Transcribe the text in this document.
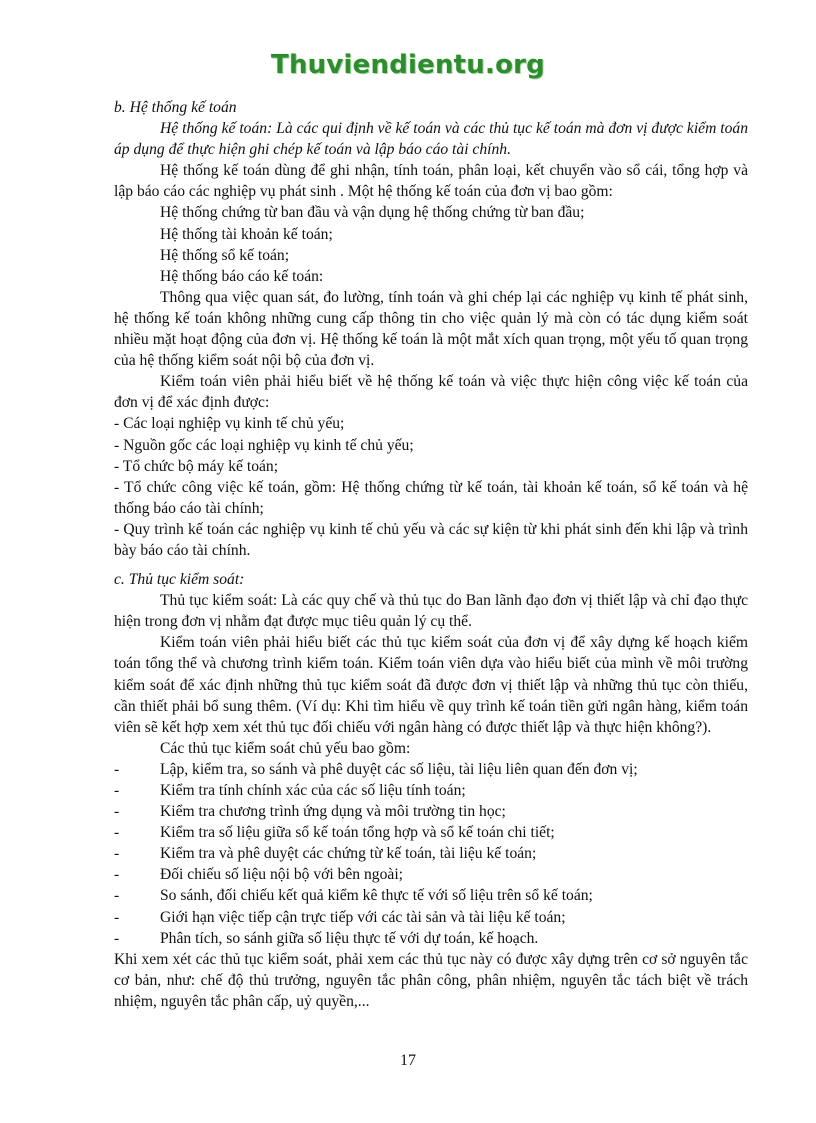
Thuviendientu.org

b. Hệ thống kế toán

Hệ thống kế toán: Là các qui định về kế toán và các thủ tục kế toán mà đơn vị được kiểm toán áp dụng để thực hiện ghi chép kế toán và lập báo cáo tài chính.

Hệ thống kế toán dùng để ghi nhận, tính toán, phân loại, kết chuyển vào sổ cái, tổng hợp và lập báo cáo các nghiệp vụ phát sinh . Một hệ thống kế toán của đơn vị bao gồm:

Hệ thống chứng từ ban đầu và vận dụng hệ thống chứng từ ban đầu;

Hệ thống tài khoản kế toán;

Hệ thống sổ kế toán;

Hệ thống báo cáo kế toán:

Thông qua việc quan sát, đo lường, tính toán và ghi chép lại các nghiệp vụ kinh tế phát sinh, hệ thống kế toán không những cung cấp thông tin cho việc quản lý mà còn có tác dụng kiểm soát nhiều mặt hoạt động của đơn vị. Hệ thống kế toán là một mắt xích quan trọng, một yếu tố quan trọng của hệ thống kiểm soát nội bộ của đơn vị.

Kiểm toán viên phải hiểu biết về hệ thống kế toán và việc thực hiện công việc kế toán của đơn vị để xác định được:

- Các loại nghiệp vụ kinh tế chủ yếu;

- Nguồn gốc các loại nghiệp vụ kinh tế chủ yếu;

- Tổ chức bộ máy kế toán;

- Tổ chức công việc kế toán, gồm: Hệ thống chứng từ kế toán, tài khoản kế toán, sổ kế toán và hệ thống báo cáo tài chính;

- Quy trình kế toán các nghiệp vụ kinh tế chủ yếu và các sự kiện từ khi phát sinh đến khi lập và trình bày báo cáo tài chính.

c. Thủ tục kiểm soát:

Thủ tục kiểm soát: Là các quy chế và thủ tục do Ban lãnh đạo đơn vị thiết lập và chỉ đạo thực hiện trong đơn vị nhằm đạt được mục tiêu quản lý cụ thể.

Kiểm toán viên phải hiểu biết các thủ tục kiểm soát của đơn vị để xây dựng kế hoạch kiểm toán tổng thể và chương trình kiểm toán. Kiểm toán viên dựa vào hiểu biết của mình về môi trường kiểm soát để xác định những thủ tục kiểm soát đã được đơn vị thiết lập và những thủ tục còn thiếu, cần thiết phải bổ sung thêm. (Ví dụ: Khi tìm hiểu về quy trình kế toán tiền gửi ngân hàng, kiểm toán viên sẽ kết hợp xem xét thủ tục đối chiếu với ngân hàng có được thiết lập và thực hiện không?).

Các thủ tục kiểm soát chủ yếu bao gồm:

-	Lập, kiểm tra, so sánh và phê duyệt các số liệu, tài liệu liên quan đến đơn vị;
-	Kiểm tra tính chính xác của các số liệu tính toán;
-	Kiểm tra chương trình ứng dụng và môi trường tin học;
-	Kiểm tra số liệu giữa sổ kế toán tổng hợp và sổ kế toán chi tiết;
-	Kiểm tra và phê duyệt các chứng từ kế toán, tài liệu kế toán;
-	Đối chiếu số liệu nội bộ với bên ngoài;
-	So sánh, đối chiếu kết quả kiểm kê thực tế với số liệu trên sổ kế toán;
-	Giới hạn việc tiếp cận trực tiếp với các tài sản và tài liệu kế toán;
-	Phân tích, so sánh giữa số liệu thực tế với dự toán, kế hoạch.

Khi xem xét các thủ tục kiểm soát, phải xem các thủ tục này có được xây dựng trên cơ sở nguyên tắc cơ bản, như: chế độ thủ trưởng, nguyên tắc phân công, phân nhiệm, nguyên tắc tách biệt về trách nhiệm, nguyên tắc phân cấp, uỷ quyền,...

17
